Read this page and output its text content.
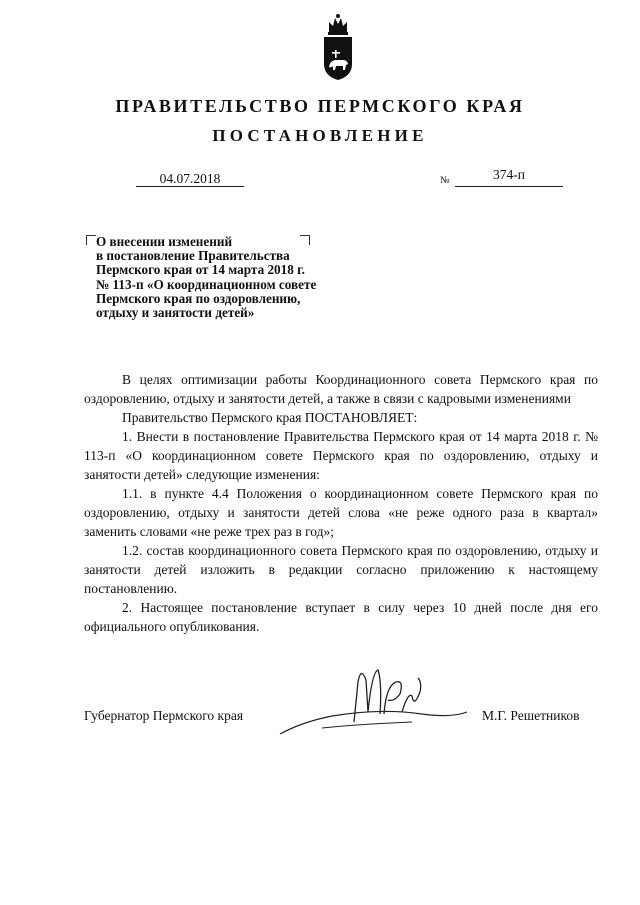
ПРАВИТЕЛЬСТВО ПЕРМСКОГО КРАЯ
ПОСТАНОВЛЕНИЕ
04.07.2018	№	374-п
О внесении изменений
в постановление Правительства
Пермского края от 14 марта 2018 г.
№ 113-п «О координационном совете
Пермского края по оздоровлению,
отдыху и занятости детей»

В целях оптимизации работы Координационного совета Пермского края по оздоровлению, отдыху и занятости детей, а также в связи с кадровыми изменениями

Правительство Пермского края ПОСТАНОВЛЯЕТ:

1. Внести в постановление Правительства Пермского края от 14 марта 2018 г. № 113-п «О координационном совете Пермского края по оздоровлению, отдыху и занятости детей» следующие изменения:

1.1. в пункте 4.4 Положения о координационном совете Пермского края по оздоровлению, отдыху и занятости детей слова «не реже одного раза в квартал» заменить словами «не реже трех раз в год»;

1.2. состав координационного совета Пермского края по оздоровлению, отдыху и занятости детей изложить в редакции согласно приложению к настоящему постановлению.

2. Настоящее постановление вступает в силу через 10 дней после дня его официального опубликования.

Губернатор Пермского края	М.Г. Решетников
